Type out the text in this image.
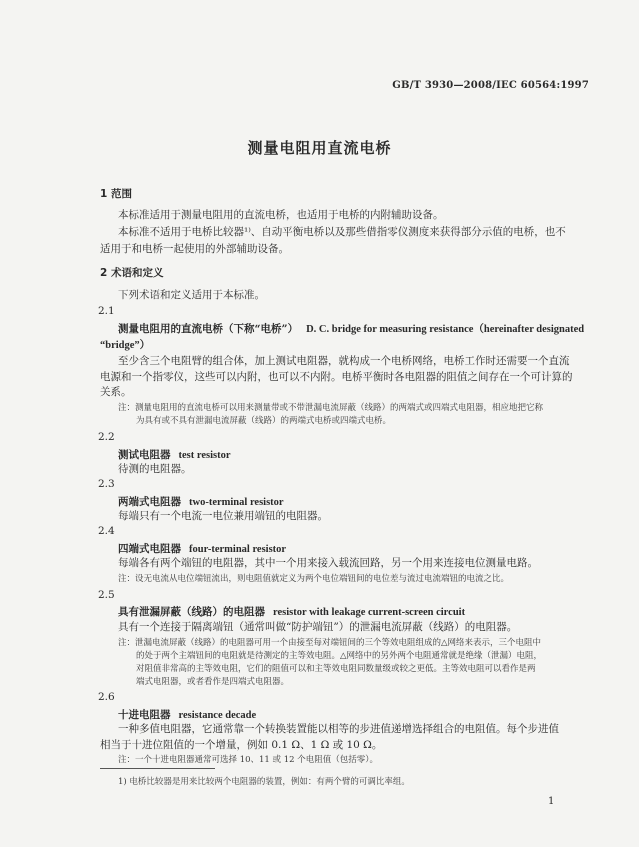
GB/T 3930—2008/IEC 60564:1997
测量电阻用直流电桥
1 范围
本标准适用于测量电阻用的直流电桥，也适用于电桥的内附辅助设备。
本标准不适用于电桥比较器¹⁾、自动平衡电桥以及那些借指零仪测度来获得部分示值的电桥，也不
适用于和电桥一起使用的外部辅助设备。
2 术语和定义
下列术语和定义适用于本标准。
2.1
测量电阻用的直流电桥（下称“电桥”） D. C. bridge for measuring resistance（hereinafter designated
“bridge”）
至少含三个电阻臂的组合体，加上测试电阻器，就构成一个电桥网络，电桥工作时还需要一个直流
电源和一个指零仪，这些可以内附，也可以不内附。电桥平衡时各电阻器的阻值之间存在一个可计算的
关系。
注：测量电阻用的直流电桥可以用来测量带或不带泄漏电流屏蔽（线路）的两端式或四端式电阻器，相应地把它称
为具有或不具有泄漏电流屏蔽（线路）的两端式电桥或四端式电桥。
2.2
测试电阻器 test resistor
待测的电阻器。
2.3
两端式电阻器 two-terminal resistor
每端只有一个电流一电位兼用端钮的电阻器。
2.4
四端式电阻器 four-terminal resistor
每端各有两个端钮的电阻器，其中一个用来接入载流回路，另一个用来连接电位测量电路。
注：设无电流从电位端钮流出，则电阻值就定义为两个电位端钮间的电位差与流过电流端钮的电流之比。
2.5
具有泄漏屏蔽（线路）的电阻器 resistor with leakage current-screen circuit
具有一个连接于隔离端钮（通常叫做“防护端钮”）的泄漏电流屏蔽（线路）的电阻器。
注：泄漏电流屏蔽（线路）的电阻器可用一个由接至每对端钮间的三个等效电阻组成的△网络来表示，三个电阻中
的处于两个主端钮间的电阻就是待测定的主等效电阻。△网络中的另外两个电阻通常就是绝缘（泄漏）电阻，
对阻值非常高的主等效电阻，它们的阻值可以和主等效电阻同数量级或较之更低。主等效电阻可以看作是两
端式电阻器，或者看作是四端式电阻器。
2.6
十进电阻器 resistance decade
一种多值电阻器，它通常靠一个转换装置能以相等的步进值递增选择组合的电阻值。每个步进值
相当于十进位阻值的一个增量，例如 0.1 Ω、1 Ω 或 10 Ω。
注：一个十进电阻器通常可选择 10、11 或 12 个电阻值（包括零）。
1) 电桥比较器是用来比较两个电阻器的装置，例如：有两个臂的可调比率组。
1
